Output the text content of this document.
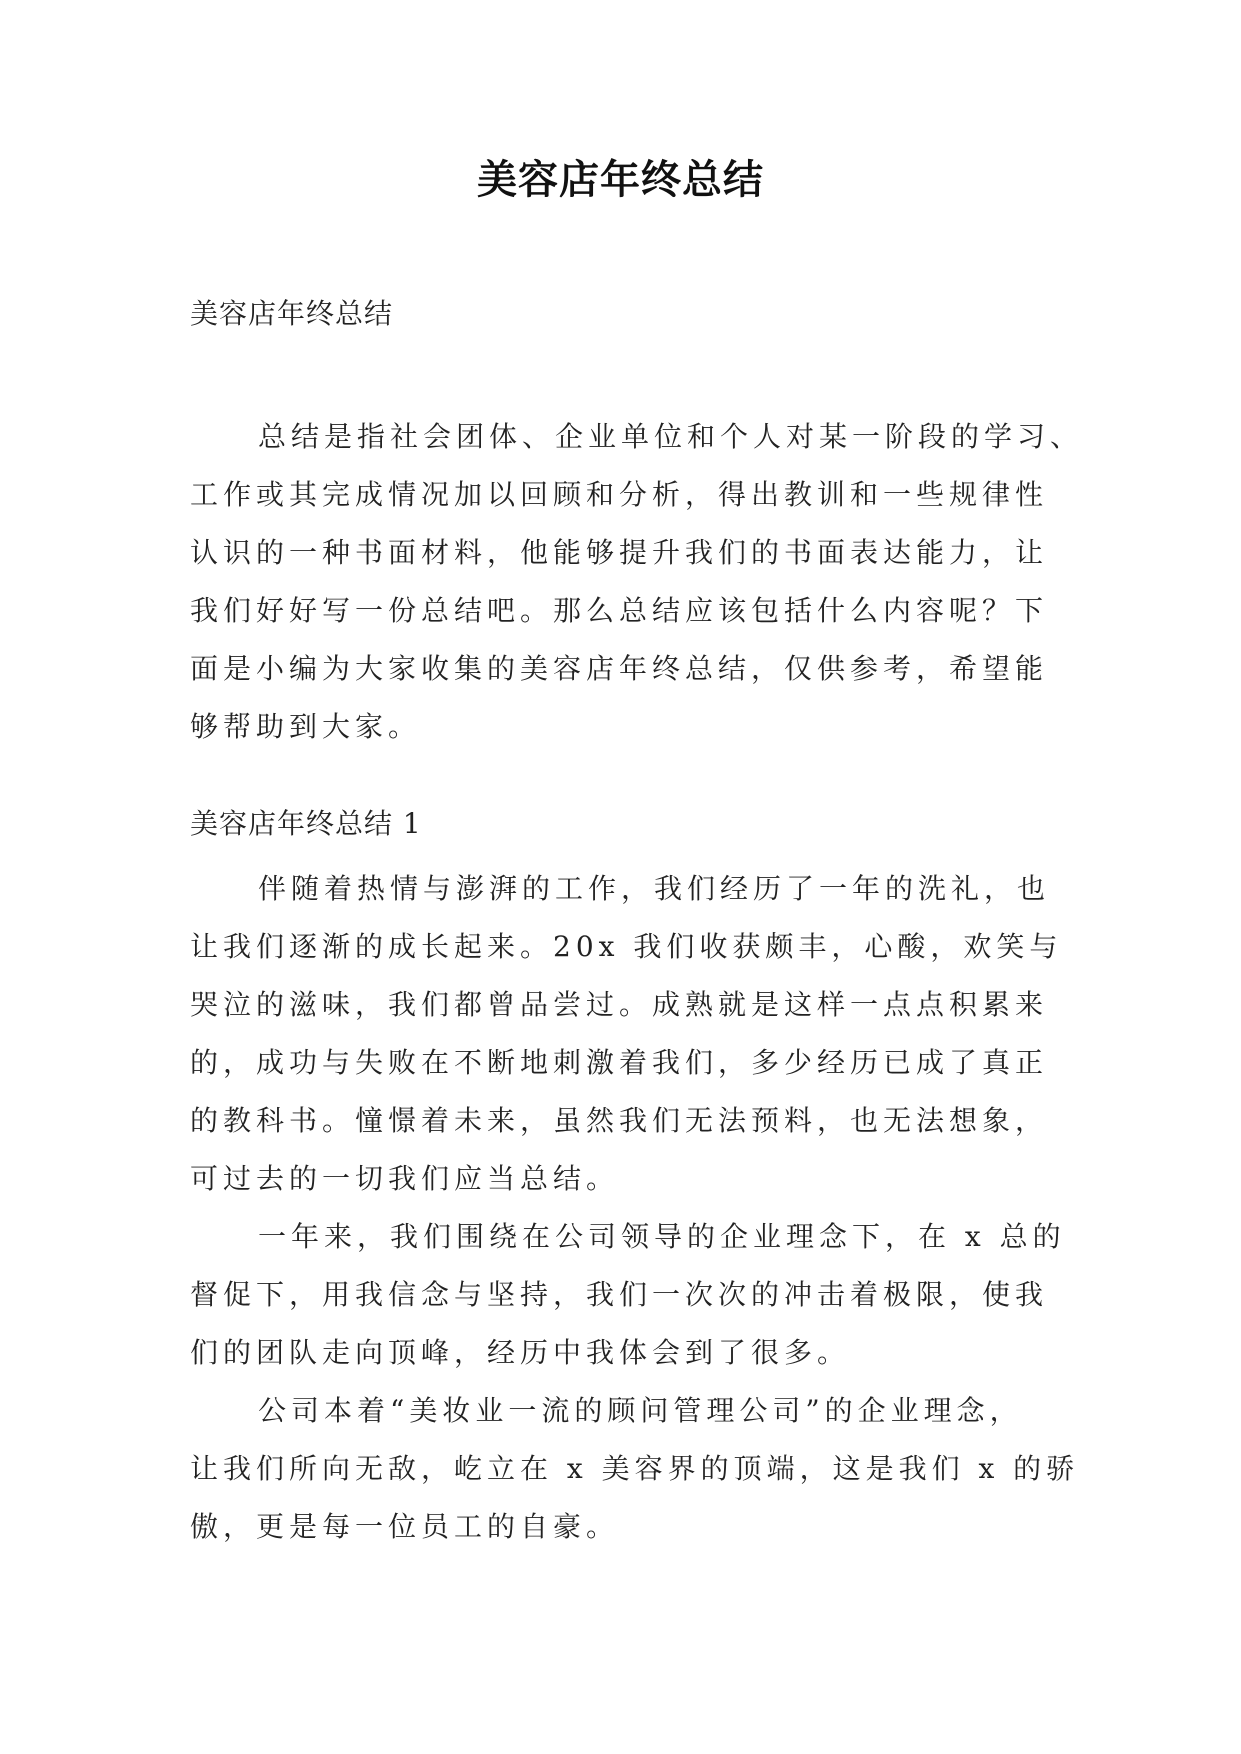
美容店年终总结
美容店年终总结
总结是指社会团体、企业单位和个人对某一阶段的学习、
工作或其完成情况加以回顾和分析，得出教训和一些规律性
认识的一种书面材料，他能够提升我们的书面表达能力，让
我们好好写一份总结吧。那么总结应该包括什么内容呢？下
面是小编为大家收集的美容店年终总结，仅供参考，希望能
够帮助到大家。
美容店年终总结 1
伴随着热情与澎湃的工作，我们经历了一年的洗礼，也
让我们逐渐的成长起来。20x 我们收获颇丰，心酸，欢笑与
哭泣的滋味，我们都曾品尝过。成熟就是这样一点点积累来
的，成功与失败在不断地刺激着我们，多少经历已成了真正
的教科书。憧憬着未来，虽然我们无法预料，也无法想象，
可过去的一切我们应当总结。
一年来，我们围绕在公司领导的企业理念下，在 x 总的
督促下，用我信念与坚持，我们一次次的冲击着极限，使我
们的团队走向顶峰，经历中我体会到了很多。
公司本着“美妆业一流的顾问管理公司”的企业理念，
让我们所向无敌，屹立在 x 美容界的顶端，这是我们 x 的骄
傲，更是每一位员工的自豪。
